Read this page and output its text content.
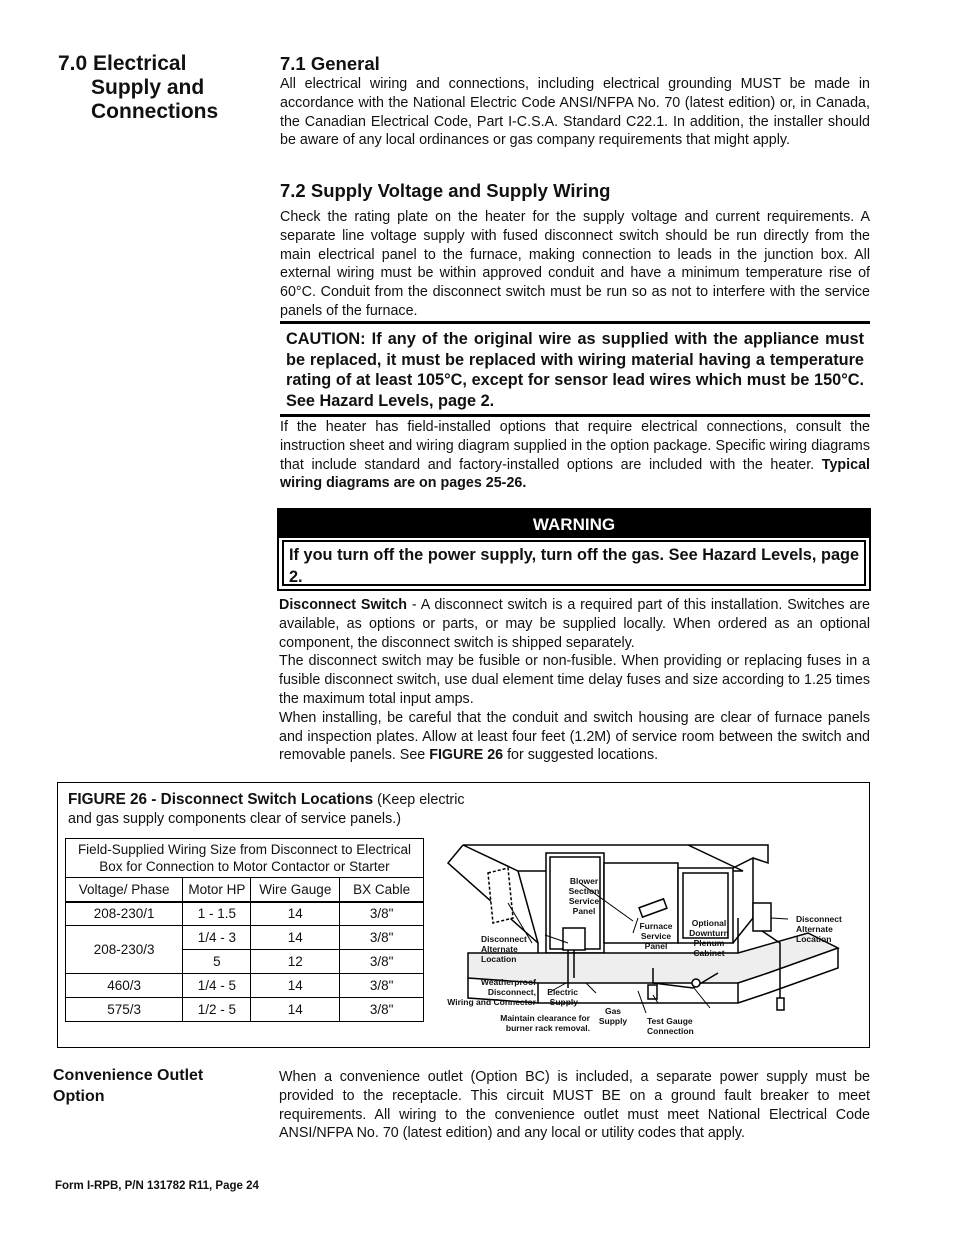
7.0 Electrical
Supply and
Connections
7.1 General
All electrical wiring and connections, including electrical grounding MUST be made in accordance with the National Electric Code ANSI/NFPA No. 70 (latest edition) or, in Canada, the Canadian Electrical Code, Part I-C.S.A. Standard C22.1. In addition, the installer should be aware of any local ordinances or gas company requirements that might apply.
7.2 Supply Voltage and Supply Wiring
Check the rating plate on the heater for the supply voltage and current requirements. A separate line voltage supply with fused disconnect switch should be run directly from the main electrical panel to the furnace, making connection to leads in the junction box. All external wiring must be within approved conduit and have a minimum temperature rise of 60°C. Conduit from the disconnect switch must be run so as not to interfere with the service panels of the furnace.

CAUTION: If any of the original wire as supplied with the appliance must be replaced, it must be replaced with wiring material having a temperature rating of at least 105°C, except for sensor lead wires which must be 150°C. See Hazard Levels, page 2.

If the heater has field-installed options that require electrical connections, consult the instruction sheet and wiring diagram supplied in the option package. Specific wiring diagrams that include standard and factory-installed options are included with the heater. Typical wiring diagrams are on pages 25-26.
WARNING
If you turn off the power supply, turn off the gas. See Hazard Levels, page 2.
Disconnect Switch - A disconnect switch is a required part of this installation. Switches are available, as options or parts, or may be supplied locally. When ordered as an optional component, the disconnect switch is shipped separately.
The disconnect switch may be fusible or non-fusible. When providing or replacing fuses in a fusible disconnect switch, use dual element time delay fuses and size according to 1.25 times the maximum total input amps.
When installing, be careful that the conduit and switch housing are clear of furnace panels and inspection plates. Allow at least four feet (1.2M) of service room between the switch and removable panels. See FIGURE 26 for suggested locations.
FIGURE 26 - Disconnect Switch Locations (Keep electric
and gas supply components clear of service panels.)
Field-Supplied Wiring Size from Disconnect to Electrical
Box for Connection to Motor Contactor or Starter			
Voltage/ Phase	Motor HP	Wire Gauge	BX Cable
208-230/1	1 - 1.5	14	3/8"
208-230/3	1/4 - 3	14	3/8"
	5	12	3/8"
460/3	1/4 - 5	14	3/8"
575/3	1/2 - 5	14	3/8"
Blower
Section
Service
Panel
Furnace
Service
Panel
Optional
Downturn
Plenum
Cabinet
Disconnect
Alternate
Location
Disconnect
Alternate
Location
Weatherproof
Disconnect,
Wiring and Connector
Electric
Supply
Gas
Supply	Test Gauge
Connection
Maintain clearance for
burner rack removal.
Convenience Outlet
Option
When a convenience outlet (Option BC) is included, a separate power supply must be provided to the receptacle. This circuit MUST BE on a ground fault breaker to meet requirements. All wiring to the convenience outlet must meet National Electrical Code ANSI/NFPA No. 70 (latest edition) and any local or utility codes that apply.
Form I-RPB, P/N 131782 R11, Page 24
